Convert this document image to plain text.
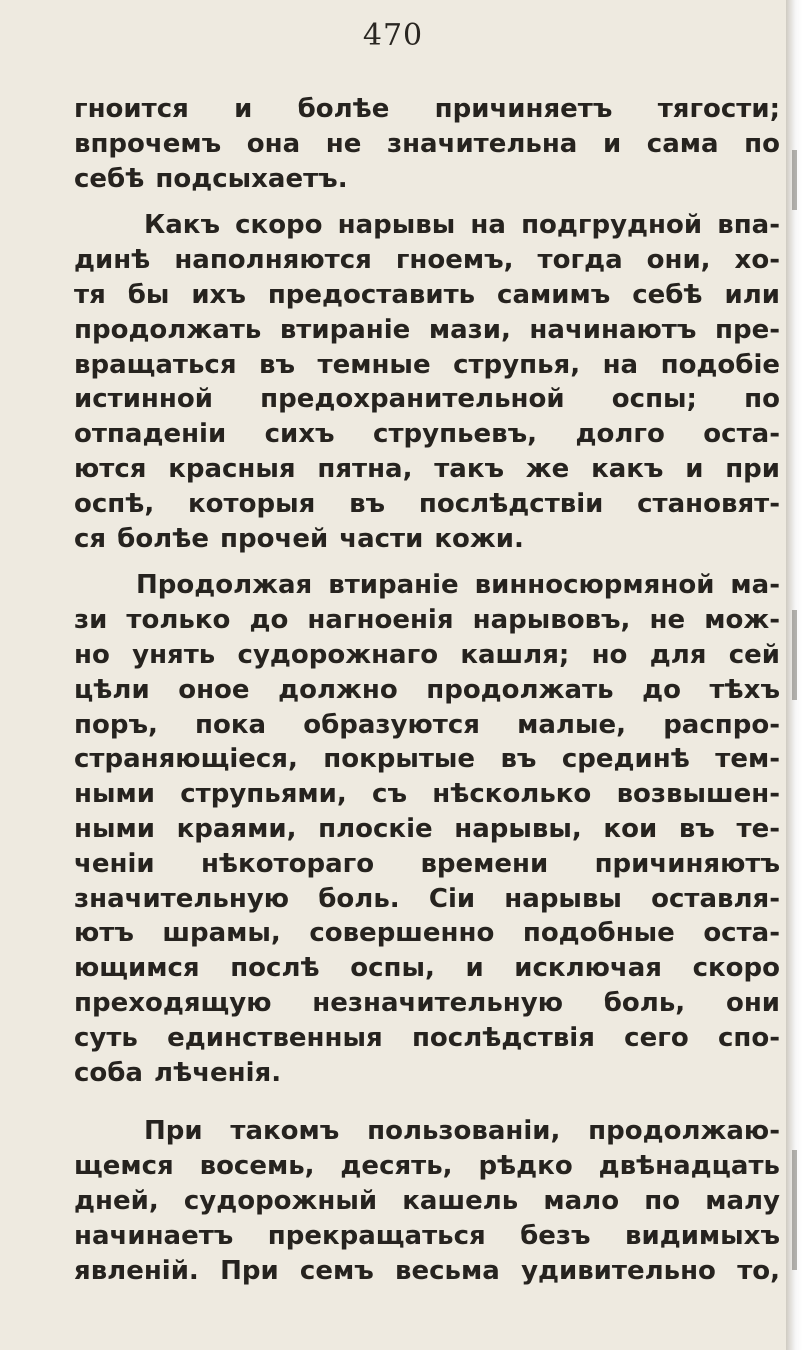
470
гноится и болѣе причиняетъ тягости;
впрочемъ она не значительна и сама по
себѣ подсыхаетъ.
Какъ скоро нарывы на подгрудной впа-
динѣ наполняются гноемъ, тогда они, хо-
тя бы ихъ предоставить самимъ себѣ или
продолжать втираніе мази, начинаютъ пре-
вращаться въ темные струпья, на подобіе
истинной предохранительной оспы; по
отпаденіи сихъ струпьевъ, долго оста-
ются красныя пятна, такъ же какъ и при
оспѣ, которыя въ послѣдствіи становят-
ся болѣе прочей части кожи.
Продолжая втираніе винносюрмяной ма-
зи только до нагноенія нарывовъ, не мож-
но унять судорожнаго кашля; но для сей
цѣли оное должно продолжать до тѣхъ
поръ, пока образуются малые, распро-
страняющіеся, покрытые въ срединѣ тем-
ными струпьями, съ нѣсколько возвышен-
ными краями, плоскіе нарывы, кои въ те-
ченіи нѣкотораго времени причиняютъ
значительную боль. Сіи нарывы оставля-
ютъ шрамы, совершенно подобные оста-
ющимся послѣ оспы, и исключая скоро
преходящую незначительную боль, они
суть единственныя послѣдствія сего спо-
соба лѣченія.
При такомъ пользованіи, продолжаю-
щемся восемь, десять, рѣдко двѣнадцать
дней, судорожный кашель мало по малу
начинаетъ прекращаться безъ видимыхъ
явленій. При семъ весьма удивительно то,
